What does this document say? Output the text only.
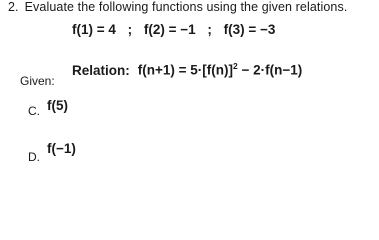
2. Evaluate the following functions using the given relations.
f(1) = 4 ; f(2) = −1 ; f(3) = −3
Given:
Relation: $f(n+1) = 5\cdot[f(n)]^2 - 2\cdot f(n-1)$
C. f(5)
D.
f(−1)
